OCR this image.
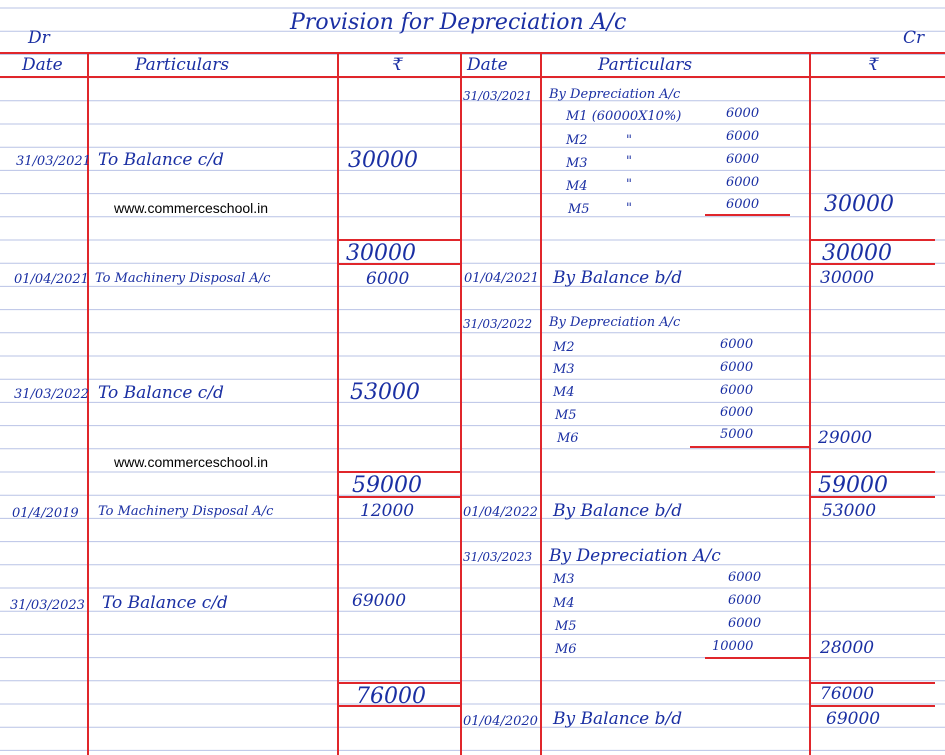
Dr
Provision for Depreciation A/c
Cr
Date	Particulars	₹	Date	Particulars	₹
31/03/2021 To Balance c/d	30000
www.commerceschool.in
30000
01/04/2021 To Machinery Disposal A/c	6000
31/03/2022 To Balance c/d	53000
www.commerceschool.in
59000
01/4/2019 To Machinery Disposal A/c	12000
31/03/2023 To Balance c/d	69000
76000
31/03/2021 By Depreciation A/c
M1 (60000X10%)	6000
M2	"	6000
M3	"	6000
M4	"	6000
M5	"	6000	30000
30000
01/04/2021 By Balance b/d	30000
31/03/2022 By Depreciation A/c
M2	6000
M3	6000
M4	6000
M5	6000
M6	5000	29000
59000
01/04/2022 By Balance b/d	53000
31/03/2023 By Depreciation A/c
M3	6000
M4	6000
M5	6000
M6	10000	28000
76000
01/04/2020 By Balance b/d	69000
